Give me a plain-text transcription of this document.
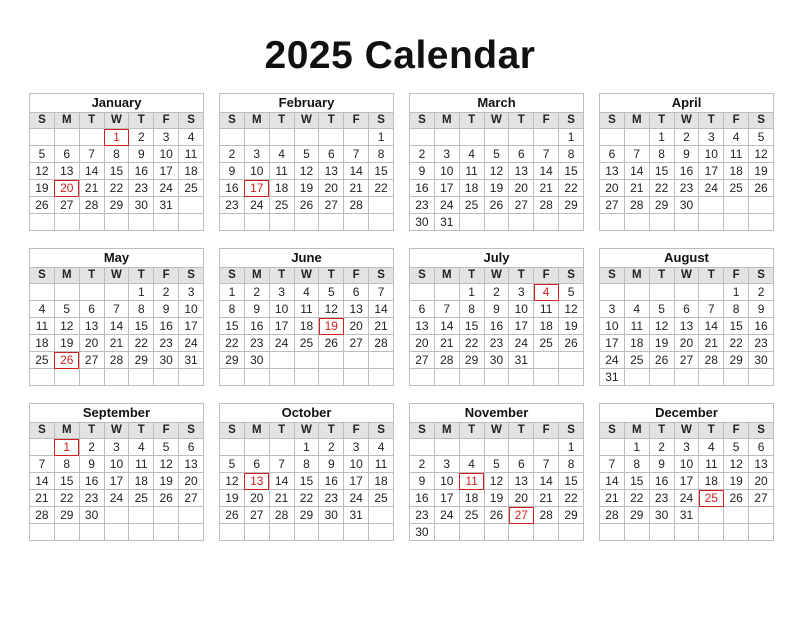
2025 Calendar
January						
S	M	T	W	T	F	S
			1	2	3	4
5	6	7	8	9	10	11
12	13	14	15	16	17	18
19	20	21	22	23	24	25
26	27	28	29	30	31	

February						
S	M	T	W	T	F	S
						1
2	3	4	5	6	7	8
9	10	11	12	13	14	15
16	17	18	19	20	21	22
23	24	25	26	27	28	

March						
S	M	T	W	T	F	S
						1
2	3	4	5	6	7	8
9	10	11	12	13	14	15
16	17	18	19	20	21	22
23	24	25	26	27	28	29
30	31					
April						
S	M	T	W	T	F	S
		1	2	3	4	5
6	7	8	9	10	11	12
13	14	15	16	17	18	19
20	21	22	23	24	25	26
27	28	29	30			

May						
S	M	T	W	T	F	S
				1	2	3
4	5	6	7	8	9	10
11	12	13	14	15	16	17
18	19	20	21	22	23	24
25	26	27	28	29	30	31

June						
S	M	T	W	T	F	S
1	2	3	4	5	6	7
8	9	10	11	12	13	14
15	16	17	18	19	20	21
22	23	24	25	26	27	28
29	30					

July						
S	M	T	W	T	F	S
		1	2	3	4	5
6	7	8	9	10	11	12
13	14	15	16	17	18	19
20	21	22	23	24	25	26
27	28	29	30	31		

August						
S	M	T	W	T	F	S
					1	2
3	4	5	6	7	8	9
10	11	12	13	14	15	16
17	18	19	20	21	22	23
24	25	26	27	28	29	30
31						
September						
S	M	T	W	T	F	S
	1	2	3	4	5	6
7	8	9	10	11	12	13
14	15	16	17	18	19	20
21	22	23	24	25	26	27
28	29	30				

October						
S	M	T	W	T	F	S
			1	2	3	4
5	6	7	8	9	10	11
12	13	14	15	16	17	18
19	20	21	22	23	24	25
26	27	28	29	30	31	

November						
S	M	T	W	T	F	S
						1
2	3	4	5	6	7	8
9	10	11	12	13	14	15
16	17	18	19	20	21	22
23	24	25	26	27	28	29
30						
December						
S	M	T	W	T	F	S
	1	2	3	4	5	6
7	8	9	10	11	12	13
14	15	16	17	18	19	20
21	22	23	24	25	26	27
28	29	30	31			
